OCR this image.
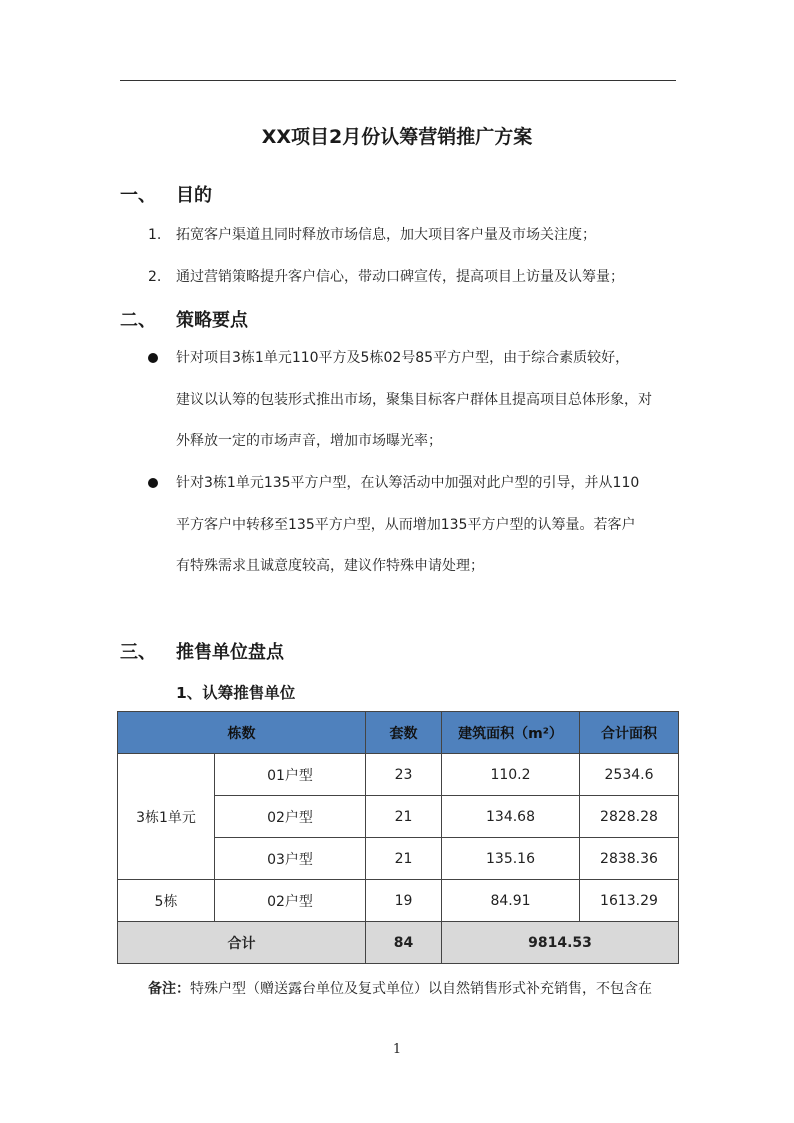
XX项目2月份认筹营销推广方案
一、 目的
1. 拓宽客户渠道且同时释放市场信息，加大项目客户量及市场关注度；
2. 通过营销策略提升客户信心，带动口碑宣传，提高项目上访量及认筹量；
二、 策略要点
针对项目3栋1单元110平方及5栋02号85平方户型，由于综合素质较好，
建议以认筹的包装形式推出市场，聚集目标客户群体且提高项目总体形象，对
外释放一定的市场声音，增加市场曝光率；
针对3栋1单元135平方户型，在认筹活动中加强对此户型的引导，并从110
平方客户中转移至135平方户型，从而增加135平方户型的认筹量。若客户
有特殊需求且诚意度较高，建议作特殊申请处理；
三、 推售单位盘点
1、认筹推售单位
栋数		套数	建筑面积（m²）	合计面积
3栋1单元	01户型	23	110.2	2534.6
	02户型	21	134.68	2828.28
	03户型	21	135.16	2838.36
5栋	02户型	19	84.91	1613.29
合计		84	9814.53	
备注：特殊户型（赠送露台单位及复式单位）以自然销售形式补充销售，不包含在
1
